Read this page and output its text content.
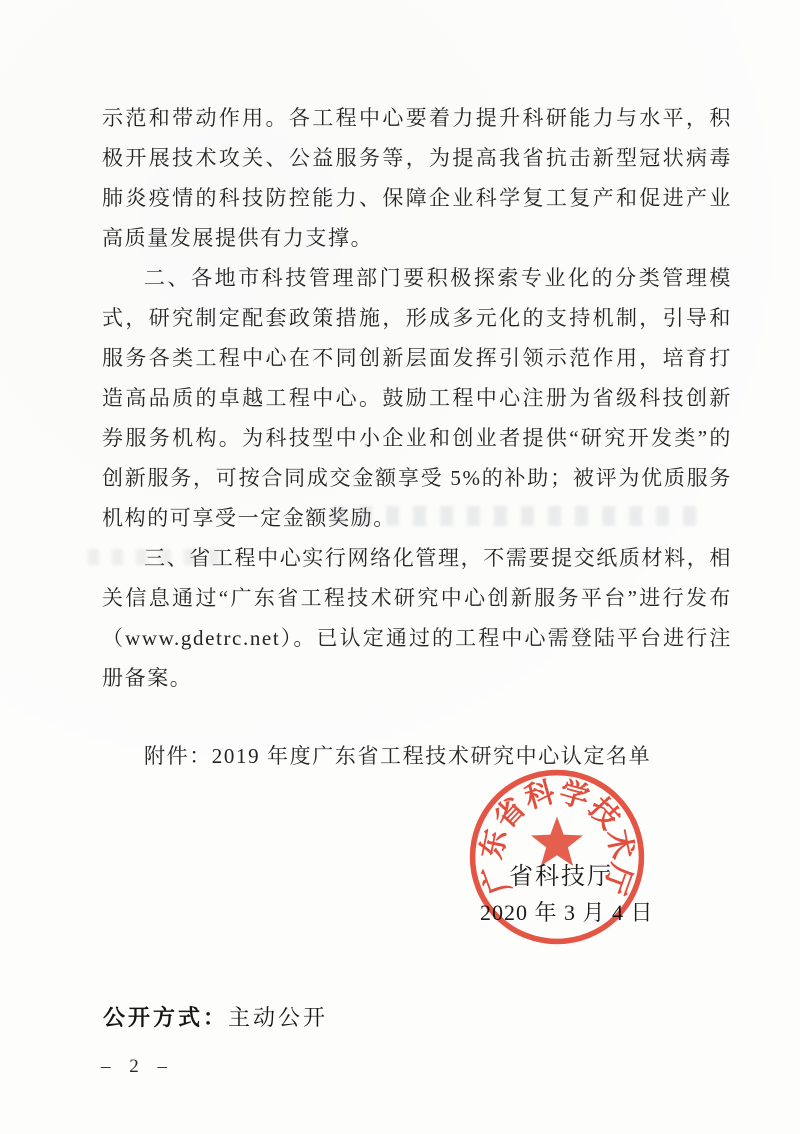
示范和带动作用。各工程中心要着力提升科研能力与水平，积极开展技术攻关、公益服务等，为提高我省抗击新型冠状病毒肺炎疫情的科技防控能力、保障企业科学复工复产和促进产业高质量发展提供有力支撑。

二、各地市科技管理部门要积极探索专业化的分类管理模式，研究制定配套政策措施，形成多元化的支持机制，引导和服务各类工程中心在不同创新层面发挥引领示范作用，培育打造高品质的卓越工程中心。鼓励工程中心注册为省级科技创新券服务机构。为科技型中小企业和创业者提供“研究开发类”的创新服务，可按合同成交金额享受 5%的补助；被评为优质服务机构的可享受一定金额奖励。

三、省工程中心实行网络化管理，不需要提交纸质材料，相关信息通过“广东省工程技术研究中心创新服务平台”进行发布（www.gdetrc.net）。已认定通过的工程中心需登陆平台进行注册备案。

附件：2019 年度广东省工程技术研究中心认定名单

省科技厅
2020 年 3 月 4 日
广
东
省
科
学
技
术
厅
公开方式：主动公开
– 2 –
